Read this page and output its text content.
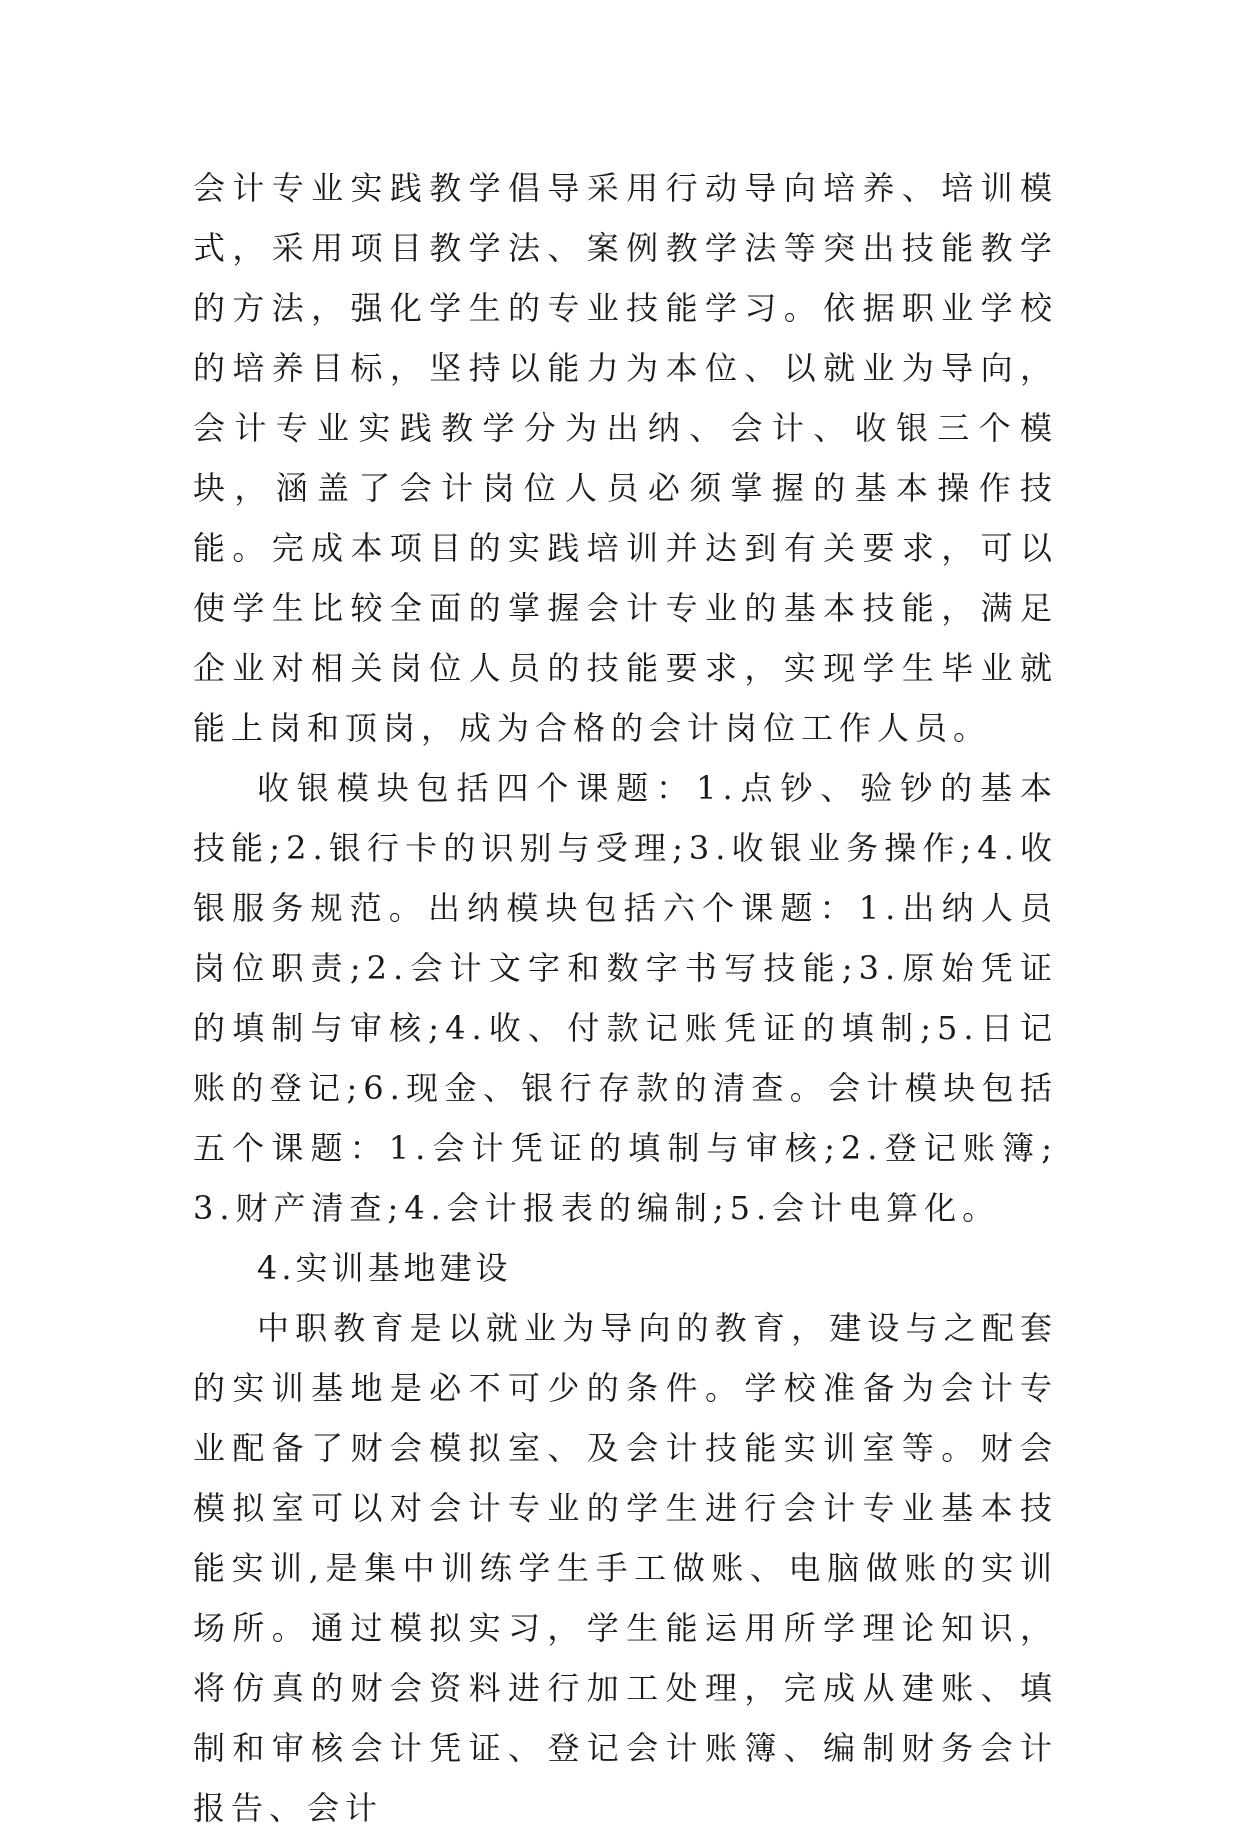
会计专业实践教学倡导采用行动导向培养、培训模式，采用项目教学法、案例教学法等突出技能教学的方法，强化学生的专业技能学习。依据职业学校的培养目标，坚持以能力为本位、以就业为导向，会计专业实践教学分为出纳、会计、收银三个模块，涵盖了会计岗位人员必须掌握的基本操作技能。完成本项目的实践培训并达到有关要求，可以使学生比较全面的掌握会计专业的基本技能，满足企业对相关岗位人员的技能要求，实现学生毕业就能上岗和顶岗，成为合格的会计岗位工作人员。

收银模块包括四个课题：1.点钞、验钞的基本技能;2.银行卡的识别与受理;3.收银业务操作;4.收银服务规范。出纳模块包括六个课题：1.出纳人员岗位职责;2.会计文字和数字书写技能;3.原始凭证的填制与审核;4.收、付款记账凭证的填制;5.日记账的登记;6.现金、银行存款的清查。会计模块包括五个课题：1.会计凭证的填制与审核;2.登记账簿;3.财产清查;4.会计报表的编制;5.会计电算化。

4.实训基地建设

中职教育是以就业为导向的教育，建设与之配套的实训基地是必不可少的条件。学校准备为会计专业配备了财会模拟室、及会计技能实训室等。财会模拟室可以对会计专业的学生进行会计专业基本技能实训,是集中训练学生手工做账、电脑做账的实训场所。通过模拟实习，学生能运用所学理论知识，将仿真的财会资料进行加工处理，完成从建账、填制和审核会计凭证、登记会计账簿、编制财务会计报告、会计
